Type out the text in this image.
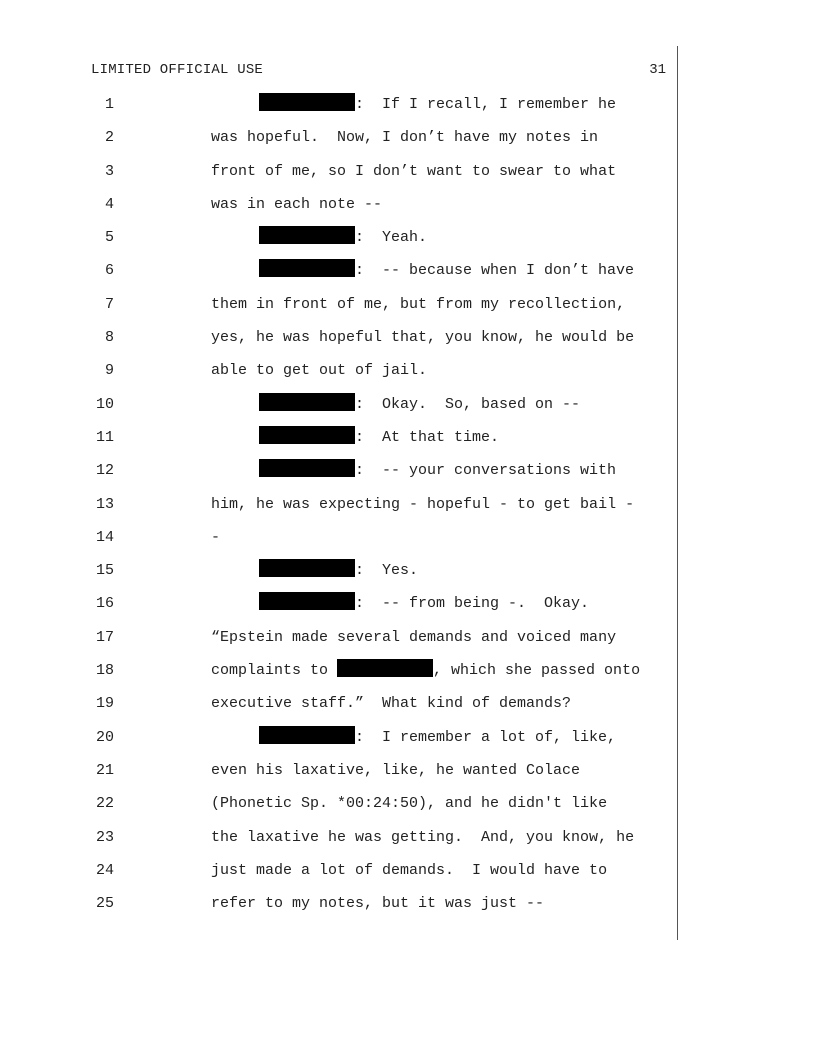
LIMITED OFFICIAL USE	31
1	:  If I recall, I remember he
2	was hopeful.  Now, I don’t have my notes in
3	front of me, so I don’t want to swear to what
4	was in each note --
5	:  Yeah.
6	:  -- because when I don’t have
7	them in front of me, but from my recollection,
8	yes, he was hopeful that, you know, he would be
9	able to get out of jail.
10	:  Okay.  So, based on --
11	:  At that time.
12	:  -- your conversations with
13	him, he was expecting - hopeful - to get bail -
14	-
15	:  Yes.
16	:  -- from being -.  Okay.
17	“Epstein made several demands and voiced many
18	complaints to	, which she passed onto
19	executive staff.”  What kind of demands?
20	:  I remember a lot of, like,
21	even his laxative, like, he wanted Colace
22	(Phonetic Sp. *00:24:50), and he didn't like
23	the laxative he was getting.  And, you know, he
24	just made a lot of demands.  I would have to
25	refer to my notes, but it was just --
